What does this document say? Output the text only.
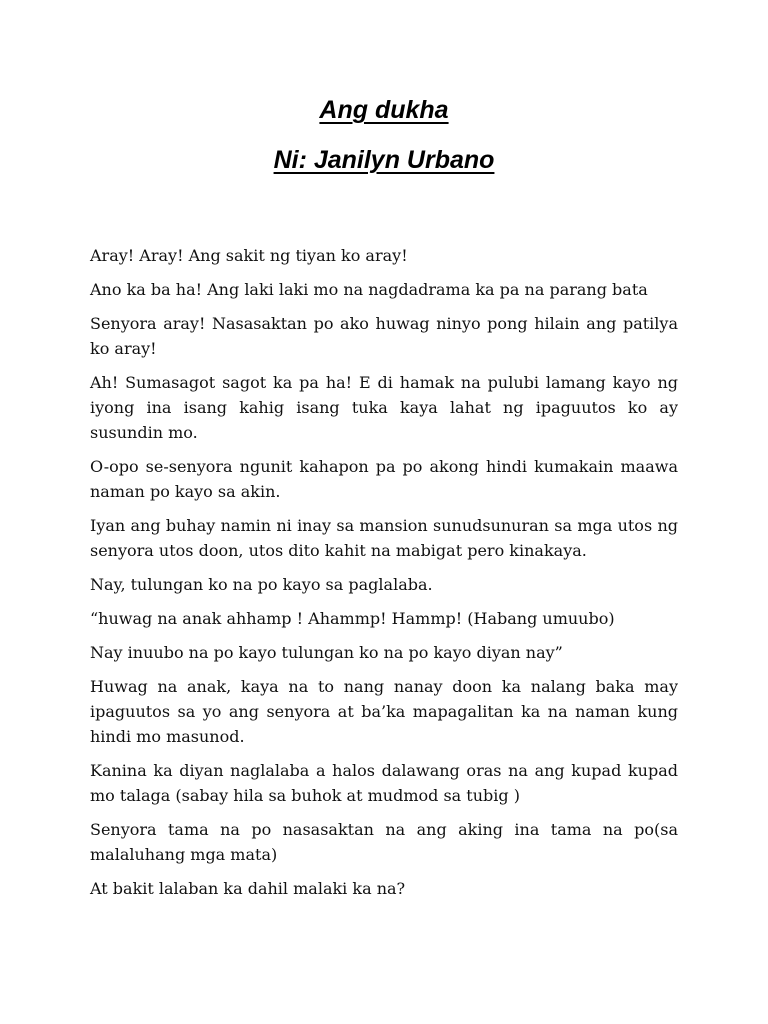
Ang dukha
Ni: Janilyn Urbano

Aray! Aray! Ang sakit ng tiyan ko aray!

Ano ka ba ha! Ang laki laki mo na nagdadrama ka pa na parang bata

Senyora aray! Nasasaktan po ako huwag ninyo pong hilain ang patilya ko aray!

Ah! Sumasagot sagot ka pa ha! E di hamak na pulubi lamang kayo ng iyong ina isang kahig isang tuka kaya lahat ng ipaguutos ko ay susundin mo.

O-opo se-senyora ngunit kahapon pa po akong hindi kumakain maawa naman po kayo sa akin.

Iyan ang buhay namin ni inay sa mansion sunudsunuran sa mga utos ng senyora utos doon, utos dito kahit na mabigat pero kinakaya.

Nay, tulungan ko na po kayo sa paglalaba.

“huwag na anak ahhamp ! Ahammp! Hammp! (Habang umuubo)

Nay inuubo na po kayo tulungan ko na po kayo diyan nay”

Huwag na anak, kaya na to nang nanay doon ka nalang baka may ipaguutos sa yo ang senyora at ba’ka mapagalitan ka na naman kung hindi mo masunod.

Kanina ka diyan naglalaba a halos dalawang oras na ang kupad kupad mo talaga (sabay hila sa buhok at mudmod sa tubig )

Senyora tama na po nasasaktan na ang aking ina tama na po(sa malaluhang mga mata)

At bakit lalaban ka dahil malaki ka na?
